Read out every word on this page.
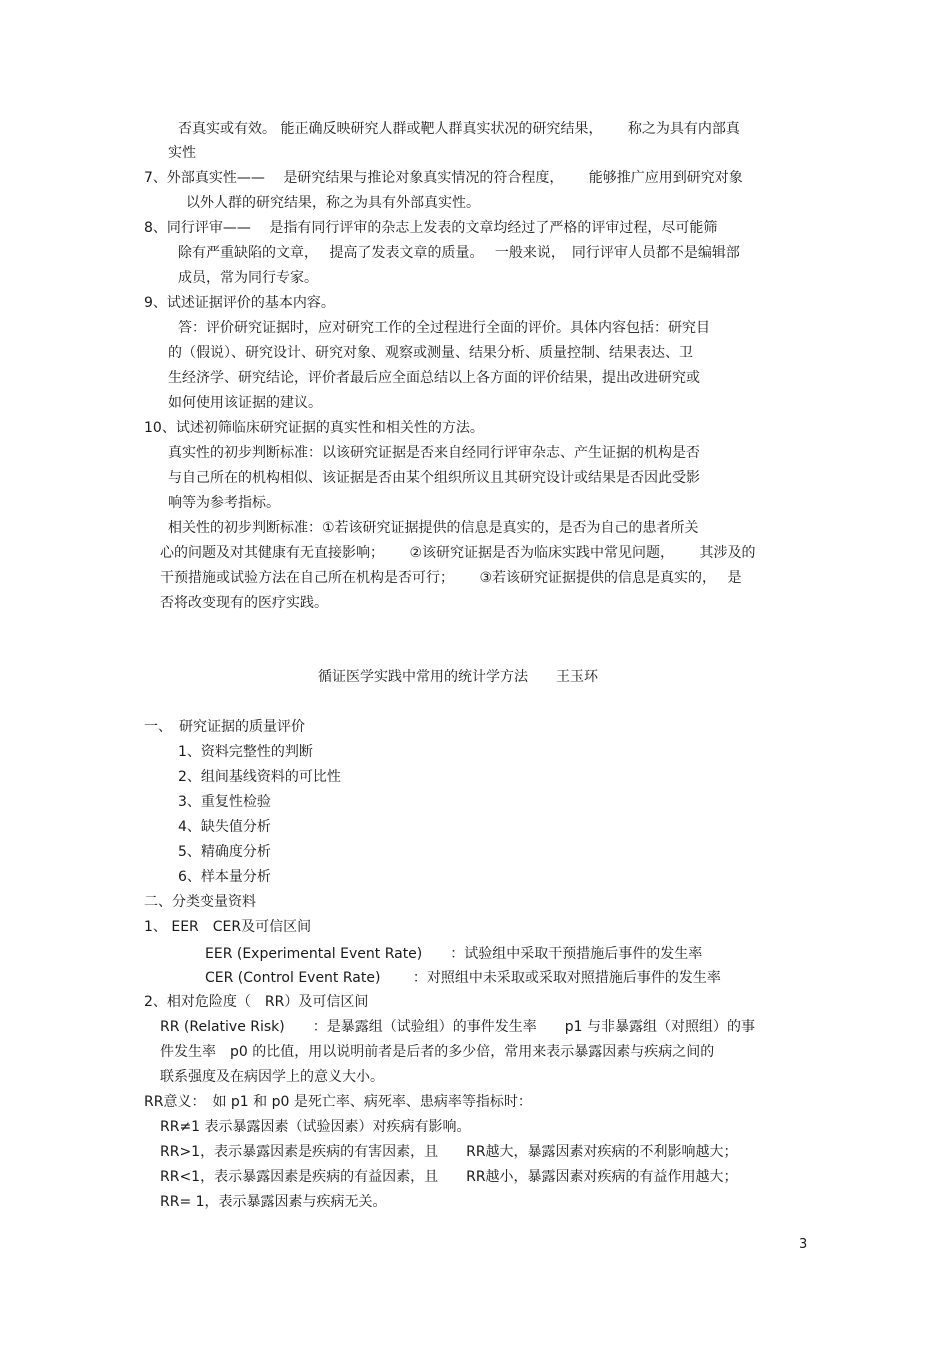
否真实或有效。 能正确反映研究人群或靶人群真实状况的研究结果，　　 称之为具有内部真
实性
7、外部真实性——　 是研究结果与推论对象真实情况的符合程度，　　 能够推广应用到研究对象
以外人群的研究结果，称之为具有外部真实性。
8、同行评审——　 是指有同行评审的杂志上发表的文章均经过了严格的评审过程，尽可能筛
除有严重缺陷的文章，　 提高了发表文章的质量。　 一般来说，　同行评审人员都不是编辑部
成员，常为同行专家。
9、试述证据评价的基本内容。
答：评价研究证据时，应对研究工作的全过程进行全面的评价。具体内容包括：研究目
的（假说）、研究设计、研究对象、观察或测量、结果分析、质量控制、结果表达、卫
生经济学、研究结论，评价者最后应全面总结以上各方面的评价结果，提出改进研究或
如何使用该证据的建议。
10、试述初筛临床研究证据的真实性和相关性的方法。
真实性的初步判断标准：以该研究证据是否来自经同行评审杂志、产生证据的机构是否
与自己所在的机构相似、该证据是否由某个组织所议且其研究设计或结果是否因此受影
响等为参考指标。
相关性的初步判断标准：①若该研究证据提供的信息是真实的，是否为自己的患者所关
心的问题及对其健康有无直接影响；　　 ②该研究证据是否为临床实践中常见问题，　　 其涉及的
干预措施或试验方法在自己所在机构是否可行；　　 ③若该研究证据提供的信息是真实的，　 是
否将改变现有的医疗实践。
循证医学实践中常用的统计学方法　　王玉环
一、　研究证据的质量评价
1、资料完整性的判断
2、组间基线资料的可比性
3、重复性检验
4、缺失值分析
5、精确度分析
6、样本量分析
二、分类变量资料
1、 EER　CER及可信区间
EER (Experimental Event Rate)　　：试验组中采取干预措施后事件的发生率
CER (Control Event Rate)　　 ：对照组中未采取或采取对照措施后事件的发生率
2、相对危险度（　RR）及可信区间
RR (Relative Risk)　　：是暴露组（试验组）的事件发生率　　p1 与非暴露组（对照组）的事
件发生率　p0 的比值，用以说明前者是后者的多少倍，常用来表示暴露因素与疾病之间的
联系强度及在病因学上的意义大小。
RR意义：　如 p1 和 p0 是死亡率、病死率、患病率等指标时：
RR≠1 表示暴露因素（试验因素）对疾病有影响。
RR>1，表示暴露因素是疾病的有害因素，且　　RR越大，暴露因素对疾病的不利影响越大；
RR<1，表示暴露因素是疾病的有益因素，且　　RR越小，暴露因素对疾病的有益作用越大；
RR= 1，表示暴露因素与疾病无关。
3
